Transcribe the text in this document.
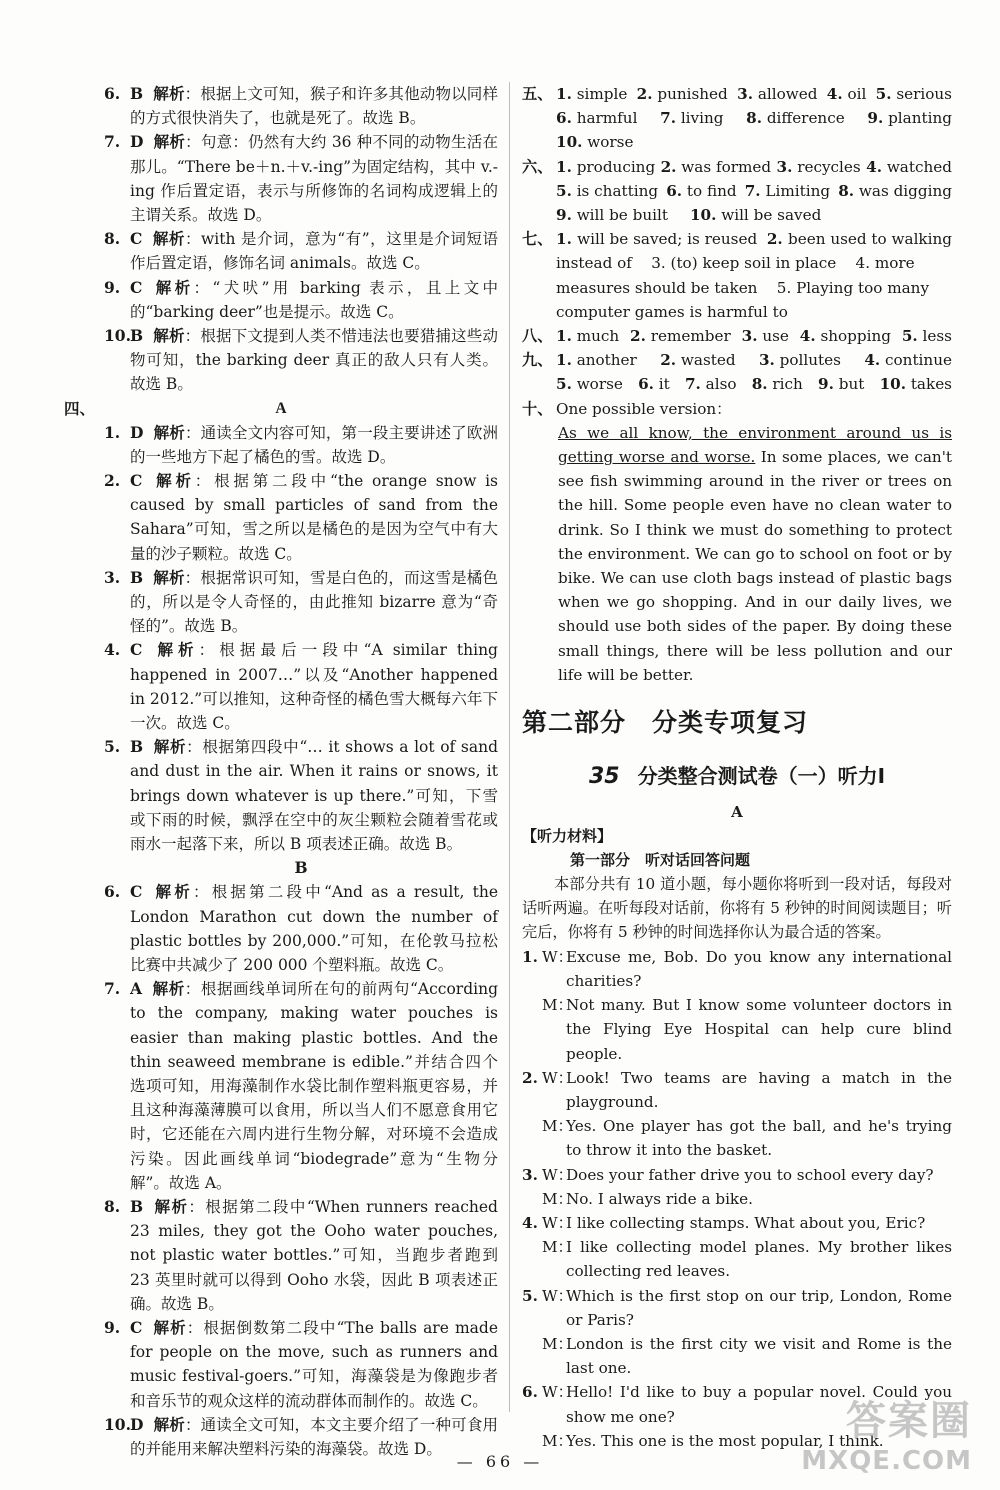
6. B 解析：根据上文可知，猴子和许多其他动物以同样的方式很快消失了，也就是死了。故选 B。

7. D 解析：句意：仍然有大约 36 种不同的动物生活在那儿。“There be＋n.＋v.-ing”为固定结构，其中 v.-ing 作后置定语，表示与所修饰的名词构成逻辑上的主谓关系。故选 D。

8. C 解析：with 是介词，意为“有”，这里是介词短语作后置定语，修饰名词 animals。故选 C。

9. C 解析：“犬吠”用 barking 表示，且上文中的“barking deer”也是提示。故选 C。

10. B 解析：根据下文提到人类不惜违法也要猎捕这些动物可知，the barking deer 真正的敌人只有人类。故选 B。

四、	A

1. D 解析：通读全文内容可知，第一段主要讲述了欧洲的一些地方下起了橘色的雪。故选 D。

2. C 解析：根据第二段中“the orange snow is caused by small particles of sand from the Sahara”可知，雪之所以是橘色的是因为空气中有大量的沙子颗粒。故选 C。

3. B 解析：根据常识可知，雪是白色的，而这雪是橘色的，所以是令人奇怪的，由此推知 bizarre 意为“奇怪的”。故选 B。

4. C 解析：根据最后一段中“A similar thing happened in 2007…”以及“Another happened in 2012.”可以推知，这种奇怪的橘色雪大概每六年下一次。故选 C。

5. B 解析：根据第四段中“… it shows a lot of sand and dust in the air. When it rains or snows, it brings down whatever is up there.”可知，下雪或下雨的时候，飘浮在空中的灰尘颗粒会随着雪花或雨水一起落下来，所以 B 项表述正确。故选 B。

B

6. C 解析：根据第二段中“And as a result, the London Marathon cut down the number of plastic bottles by 200,000.”可知，在伦敦马拉松比赛中共减少了 200 000 个塑料瓶。故选 C。

7. A 解析：根据画线单词所在句的前两句“According to the company, making water pouches is easier than making plastic bottles. And the thin seaweed membrane is edible.”并结合四个选项可知，用海藻制作水袋比制作塑料瓶更容易，并且这种海藻薄膜可以食用，所以当人们不愿意食用它时，它还能在六周内进行生物分解，对环境不会造成污染。因此画线单词“biodegrade”意为“生物分解”。故选 A。

8. B 解析：根据第二段中“When runners reached 23 miles, they got the Ooho water pouches, not plastic water bottles.”可知，当跑步者跑到 23 英里时就可以得到 Ooho 水袋，因此 B 项表述正确。故选 B。

9. C 解析：根据倒数第二段中“The balls are made for people on the move, such as runners and music festival-goers.”可知，海藻袋是为像跑步者和音乐节的观众这样的流动群体而制作的。故选 C。

10. D 解析：通读全文可知，本文主要介绍了一种可食用的并能用来解决塑料污染的海藻袋。故选 D。

五、 1. simple 2. punished 3. allowed 4. oil 5. serious
6. harmful 7. living 8. difference 9. planting
10. worse
六、 1. producing 2. was formed 3. recycles 4. watched
5. is chatting 6. to find 7. Limiting 8. was digging
9. will be built 10. will be saved
七、 1. will be saved; is reused 2. been used to walking
instead of    3. (to) keep soil in place    4. more
measures should be taken    5. Playing too many
computer games is harmful to
八、 1. much 2. remember 3. use 4. shopping 5. less
九、 1. another 2. wasted 3. pollutes 4. continue
5. worse 6. it 7. also 8. rich 9. but 10. takes
十、 One possible version：
As we all know, the environment around us is getting worse and worse. In some places, we can't see fish swimming around in the river or trees on the hill. Some people even have no clean water to drink. So I think we must do something to protect the environment. We can go to school on foot or by bike. We can use cloth bags instead of plastic bags when we go shopping. And in our daily lives, we should use both sides of the paper. By doing these small things, there will be less pollution and our life will be better.
第二部分　分类专项复习
35 分类整合测试卷（一）听力Ⅰ
A
【听力材料】
第一部分　听对话回答问题
本部分共有 10 道小题，每小题你将听到一段对话，每段对话听两遍。在听每段对话前，你将有 5 秒钟的时间阅读题目；听完后，你将有 5 秒钟的时间选择你认为最合适的答案。

1. W：
Excuse me, Bob. Do you know any international charities?

M：
Not many. But I know some volunteer doctors in the Flying Eye Hospital can help cure blind people.

2. W：
Look! Two teams are having a match in the playground.

M：
Yes. One player has got the ball, and he's trying to throw it into the basket.

3. W：
Does your father drive you to school every day?

M：
No. I always ride a bike.

4. W：
I like collecting stamps. What about you, Eric?

M：
I like collecting model planes. My brother likes collecting red leaves.

5. W：
Which is the first stop on our trip, London, Rome or Paris?

M：
London is the first city we visit and Rome is the last one.

6. W：
Hello! I'd like to buy a popular novel. Could you show me one?

M：
Yes. This one is the most popular, I think.

— 66 —
答案圈
MXQE.COM
